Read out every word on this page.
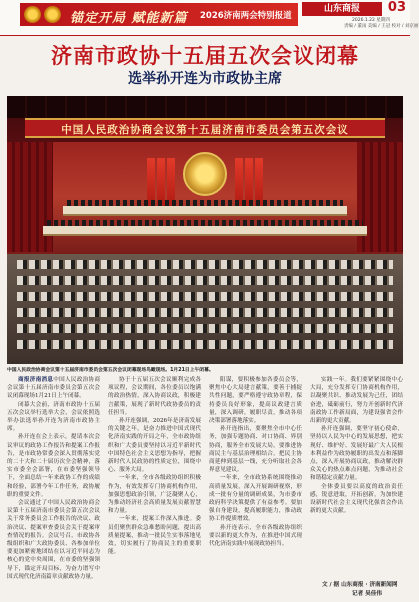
锚定开局 赋能新篇 2026济南两会特别报道
山东商报	03
2026.1.22 星期四
责编 / 董雨 美编 / 王冠 校对 / 刘京丽
济南市政协十五届五次会议闭幕
选举孙开连为市政协主席
中国人民政治协商会议第十五届济南市委员会第五次会议
中国人民政治协商会议第十五届济南市委员会第五次会议闭幕现场鸟瞰现场。1月21日上午闭幕。

商报济南消息中国人民政治协商会议第十五届济南市委员会第五次会议闭幕现场1月21日上午闭幕。

闭幕大会前，济南市政协十五届五次会议举行选举大会，会议依照选举办法选举孙开连为济南市政协主席。

孙开连在会上表示，提请本次会议审议的政协工作报告和提案工作报告，是市政协常委会深入贯彻落实党的二十大和二十届历次全会精神，落实市委全会部署，在市委坚强领导下，全面总结一年来政协工作的成绩和经验，部署今年工作任务，政协履职的重要文件。

会议通过了中国人民政治协商会议第十五届济南市委员会第五次会议关于常务委员会工作报告的决议、政治决议、提案审查委员会关于提案审查情况的报告。会议号召，市政协各级组织和广大政协委员、各参加单位要更加紧密地团结在以习近平同志为核心的党中央周围，在市委的坚强领导下，锚定开局目标，为奋力谱写中国式现代化济南篇章贡献政协力量。

协于十五届五次会议顺利完成各项议程，会议期间，各位委员以饱满的政治热情，深入协商议政，积极建言献策，展现了新时代政协委员的责任担当。

孙开连强调，2026年是济南发展的关键之年，是奋力推进中国式现代化济南实践的开局之年，全市政协组织和广大委员要坚持以习近平新时代中国特色社会主义思想为指导，把握新时代人民政协的性质定位，围绕中心、服务大局。

一年来，全市各级政协组织积极作为，有效发挥专门协商机构作用，加强思想政治引领，广泛凝聚人心，为推动经济社会高质量发展贡献智慧和力量。

一年来，提案工作深入推进。委员们聚焦群众急难愁盼问题，提出高质量提案，推动一批民生实事落地见效，切实履行了协商民主的重要职能。

阳谋，要积极参加各委员会等，聚焦中心大局建言献策，要善于捕捉共性问题，要严格遵守政协章程，保持委员良好形象，提高议政建言质量，深入调研，履职尽责，推动各项决策部署落地落实。

孙开连指出，要聚焦全市中心任务，加强专题协商、对口协商、界别协商，服务全市发展大局。要推进协商民主与基层治理相结合，把民主协商延伸到基层一线，充分听取社会各界意见建议。

一年来，全市政协系统围绕推动高质量发展，深入开展调研视察，形成一批有分量的调研成果，为市委市政府科学决策提供了有益参考。要加强自身建设，提高履职能力，推动政协工作提质增效。

孙开连表示，全市各级政协组织要以新的更大作为，在推进中国式现代化济南实践中展现政协担当。

实践一年。我们要紧紧围绕中心大局，充分发挥专门协商机构作用，以凝聚共识、推动发展为己任，团结奋进，砥砺前行，努力开创新时代济南政协工作新局面，为建设强省会作出新的更大贡献。

孙开连强调，要坚守初心使命，坚持以人民为中心的发展思想，把实现好、维护好、发展好最广大人民根本利益作为政协履职的出发点和落脚点，深入开展协商议政，推动解决群众关心的热点难点问题，为推动社会和谐稳定贡献力量。

全体委员要以高度的政治责任感，锐意进取，开拓创新，为加快建设新时代社会主义现代化强省会作出新的更大贡献。

文 / 据 山东商报 · 济南新闻网
记者 吴佳伟
